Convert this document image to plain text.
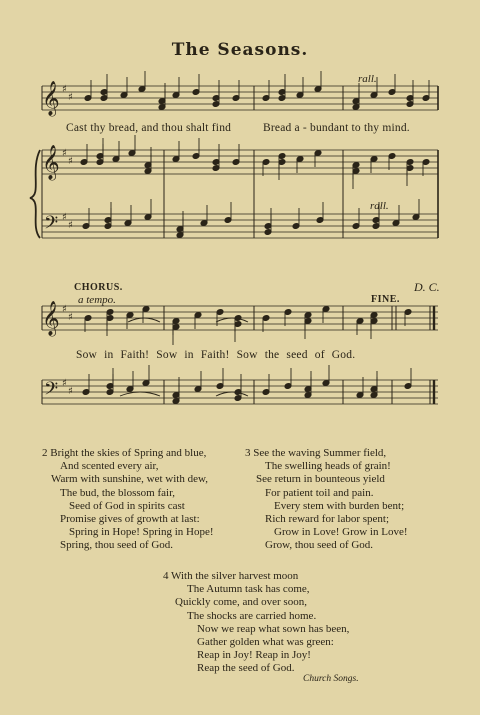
The Seasons.
𝄞 ♯
♯
𝄞
𝄢
♯
♯
♯
♯
𝄞
𝄢
♯
♯
♯
♯
rall.
rall.
CHORUS.
a tempo.	FINE.
D. C.
Cast thy bread, and thou shalt find	Bread a - bundant to thy mind.
Sow in Faith! Sow in Faith! Sow the seed of God.
2 Bright the skies of Spring and blue,
And scented every air,
Warm with sunshine, wet with dew,
The bud, the blossom fair,
Seed of God in spirits cast
Promise gives of growth at last:
Spring in Hope! Spring in Hope!
Spring, thou seed of God.
3 See the waving Summer field,
The swelling heads of grain!
See return in bounteous yield
For patient toil and pain.
Every stem with burden bent;
Rich reward for labor spent;
Grow in Love! Grow in Love!
Grow, thou seed of God.
4 With the silver harvest moon
The Autumn task has come,
Quickly come, and over soon,
The shocks are carried home.
Now we reap what sown has been,
Gather golden what was green:
Reap in Joy! Reap in Joy!
Reap the seed of God.
Church Songs.
